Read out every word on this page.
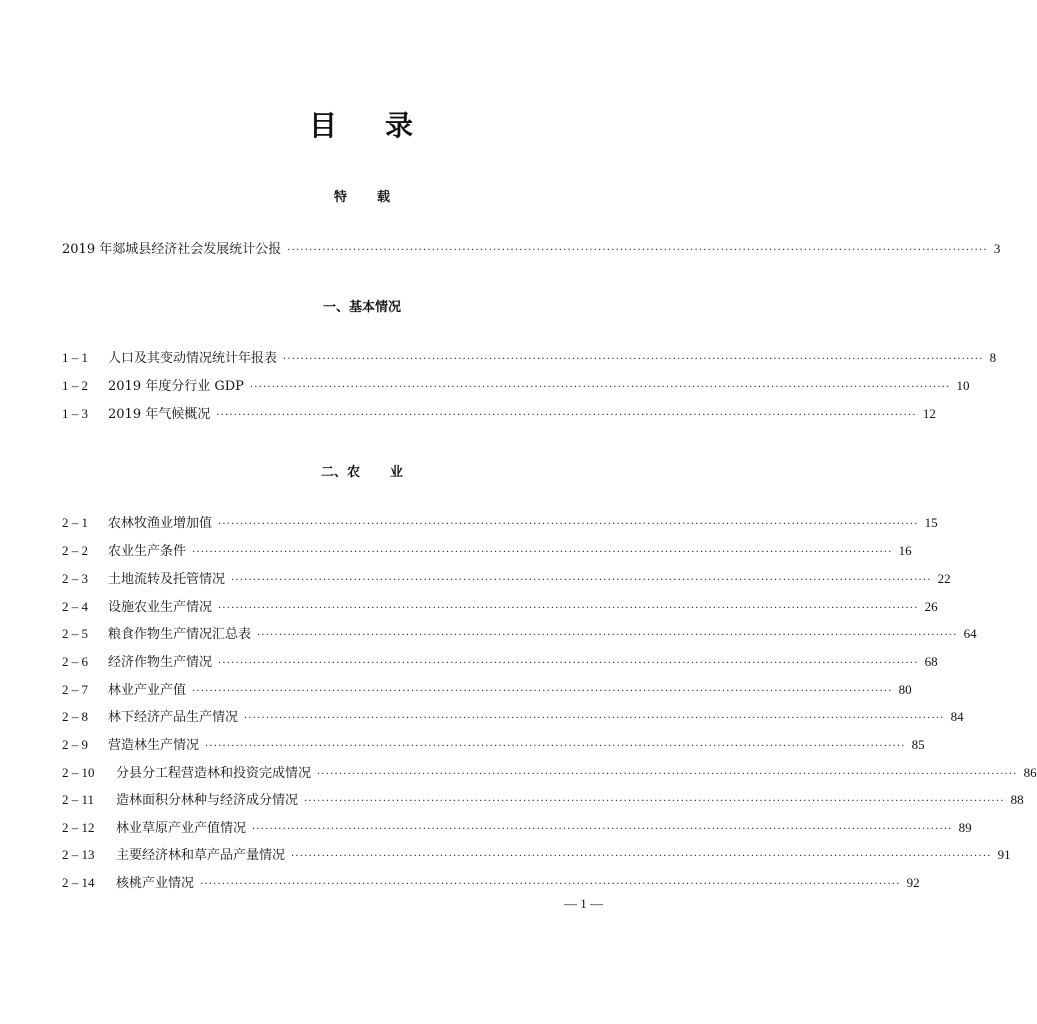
目 录
特 载
2019 年郯城县经济社会发展统计公报 ································································································································································ 3
一、基本情况
1 – 1	人口及其变动情况统计年报表 ································································································································································ 8
1 – 2	2019 年度分行业 GDP ································································································································································ 10
1 – 3	2019 年气候概况 ································································································································································ 12
二、农 业
2 – 1	农林牧渔业增加值 ································································································································································ 15
2 – 2	农业生产条件 ································································································································································ 16
2 – 3	土地流转及托管情况 ································································································································································ 22
2 – 4	设施农业生产情况 ································································································································································ 26
2 – 5	粮食作物生产情况汇总表 ································································································································································ 64
2 – 6	经济作物生产情况 ································································································································································ 68
2 – 7	林业产业产值 ································································································································································ 80
2 – 8	林下经济产品生产情况 ································································································································································ 84
2 – 9	营造林生产情况 ································································································································································ 85
2 – 10	分县分工程营造林和投资完成情况 ································································································································································ 86
2 – 11	造林面积分林种与经济成分情况 ································································································································································ 88
2 – 12	林业草原产业产值情况 ································································································································································ 89
2 – 13	主要经济林和草产品产量情况 ································································································································································ 91
2 – 14	核桃产业情况 ································································································································································ 92
— 1 —
